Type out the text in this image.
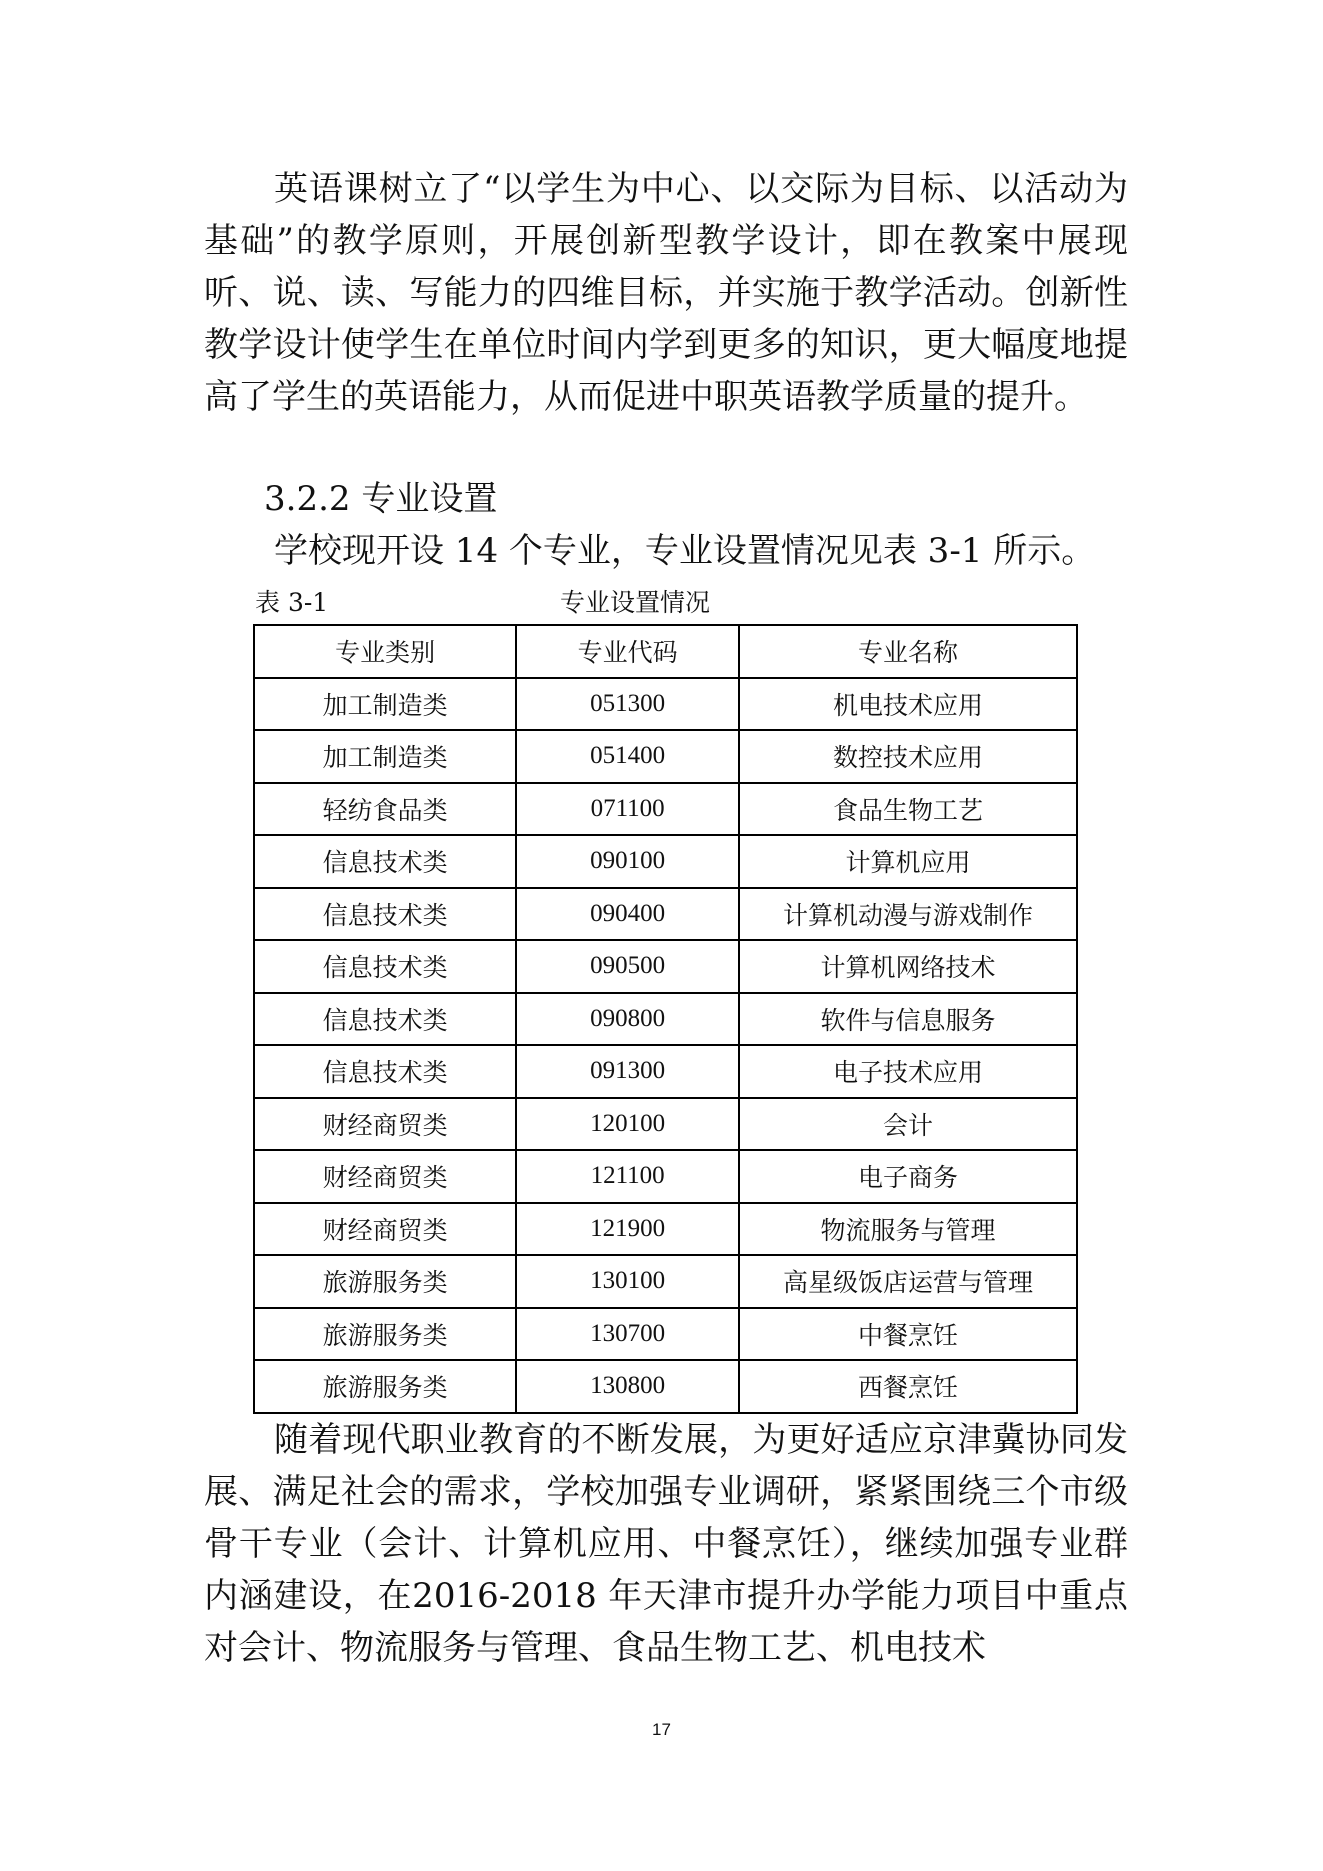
英语课树立了“以学生为中心、以交际为目标、以活动为基础”的教学原则，开展创新型教学设计，即在教案中展现听、说、读、写能力的四维目标，并实施于教学活动。创新性教学设计使学生在单位时间内学到更多的知识，更大幅度地提高了学生的英语能力，从而促进中职英语教学质量的提升。

3.2.2 专业设置

学校现开设 14 个专业，专业设置情况见表 3-1 所示。

表 3-1	专业设置情况
专业类别	专业代码	专业名称
加工制造类	051300	机电技术应用
加工制造类	051400	数控技术应用
轻纺食品类	071100	食品生物工艺
信息技术类	090100	计算机应用
信息技术类	090400	计算机动漫与游戏制作
信息技术类	090500	计算机网络技术
信息技术类	090800	软件与信息服务
信息技术类	091300	电子技术应用
财经商贸类	120100	会计
财经商贸类	121100	电子商务
财经商贸类	121900	物流服务与管理
旅游服务类	130100	高星级饭店运营与管理
旅游服务类	130700	中餐烹饪
旅游服务类	130800	西餐烹饪

随着现代职业教育的不断发展，为更好适应京津冀协同发展、满足社会的需求，学校加强专业调研，紧紧围绕三个市级骨干专业（会计、计算机应用、中餐烹饪），继续加强专业群内涵建设，在2016-2018 年天津市提升办学能力项目中重点对会计、物流服务与管理、食品生物工艺、机电技术

17
